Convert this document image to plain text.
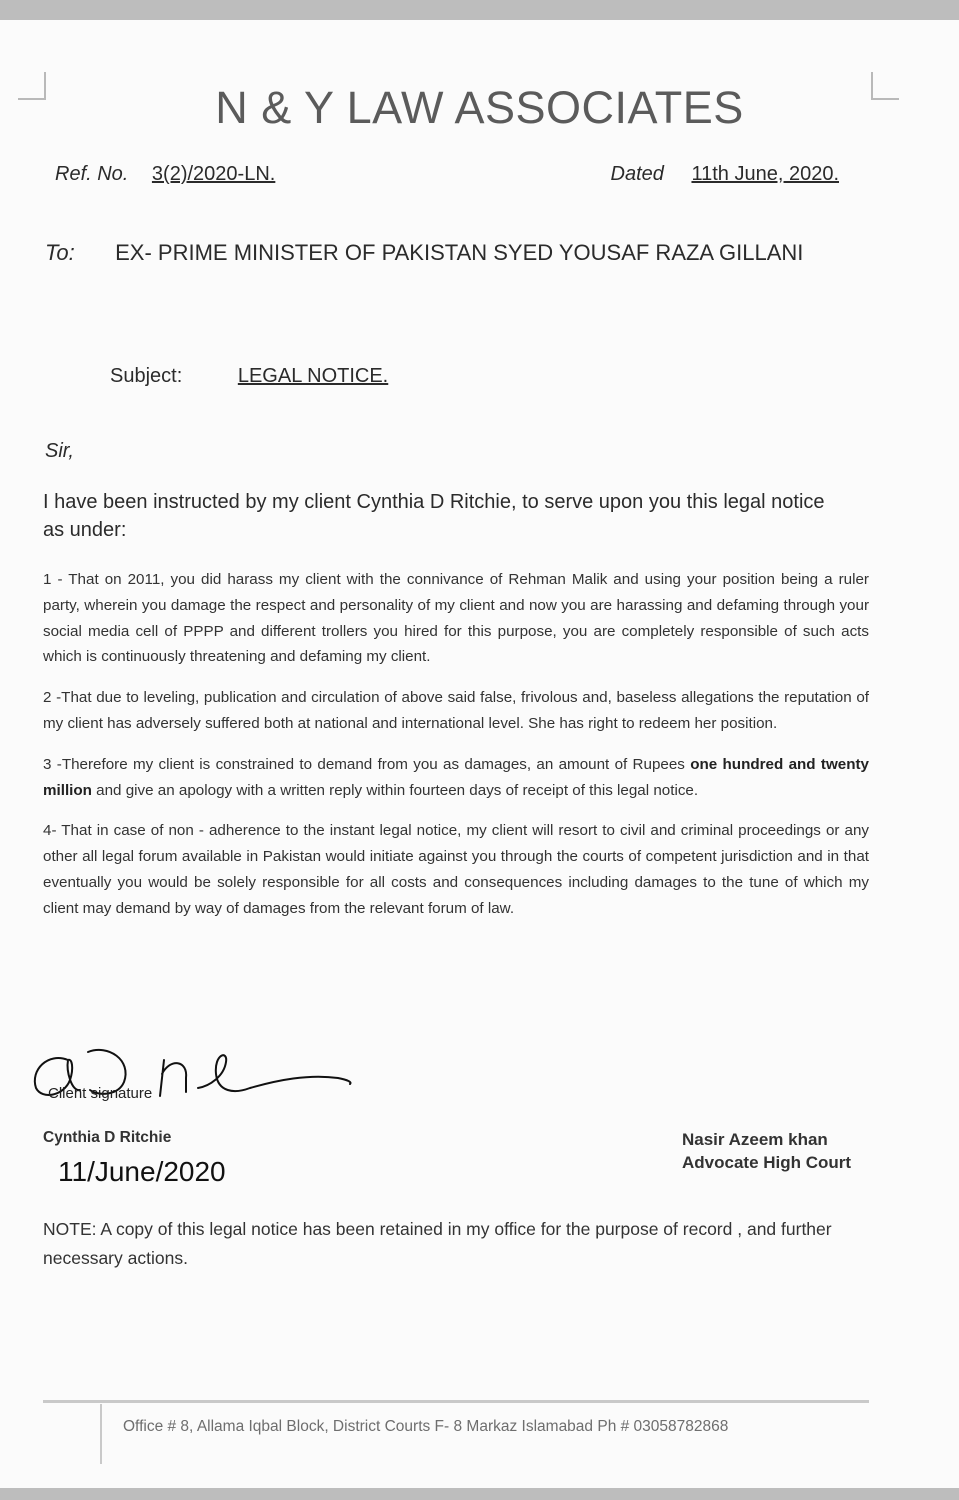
N & Y LAW ASSOCIATES
Ref. No. 3(2)/2020-LN.	Dated 11th June, 2020.
To: EX- PRIME MINISTER OF PAKISTAN SYED YOUSAF RAZA GILLANI
Subject:	LEGAL NOTICE.
Sir,
I have been instructed by my client Cynthia D Ritchie, to serve upon you this legal notice as under:

1 - That on 2011, you did harass my client with the connivance of Rehman Malik and using your position being a ruler party, wherein you damage the respect and personality of my client and now you are harassing and defaming through your social media cell of PPPP and different trollers you hired for this purpose, you are completely responsible of such acts which is continuously threatening and defaming my client.

2 -That due to leveling, publication and circulation of above said false, frivolous and, baseless allegations the reputation of my client has adversely suffered both at national and international level. She has right to redeem her position.

3 -Therefore my client is constrained to demand from you as damages, an amount of Rupees one hundred and twenty million and give an apology with a written reply within fourteen days of receipt of this legal notice.

4- That in case of non - adherence to the instant legal notice, my client will resort to civil and criminal proceedings or any other all legal forum available in Pakistan would initiate against you through the courts of competent jurisdiction and in that eventually you would be solely responsible for all costs and consequences including damages to the tune of which my client may demand by way of damages from the relevant forum of law.

Client signature
Cynthia D Ritchie
11/June/2020
Nasir Azeem khan
Advocate High Court
NOTE: A copy of this legal notice has been retained in my office for the purpose of record , and further necessary actions.
Office # 8, Allama Iqbal Block, District Courts F- 8 Markaz Islamabad Ph # 03058782868
